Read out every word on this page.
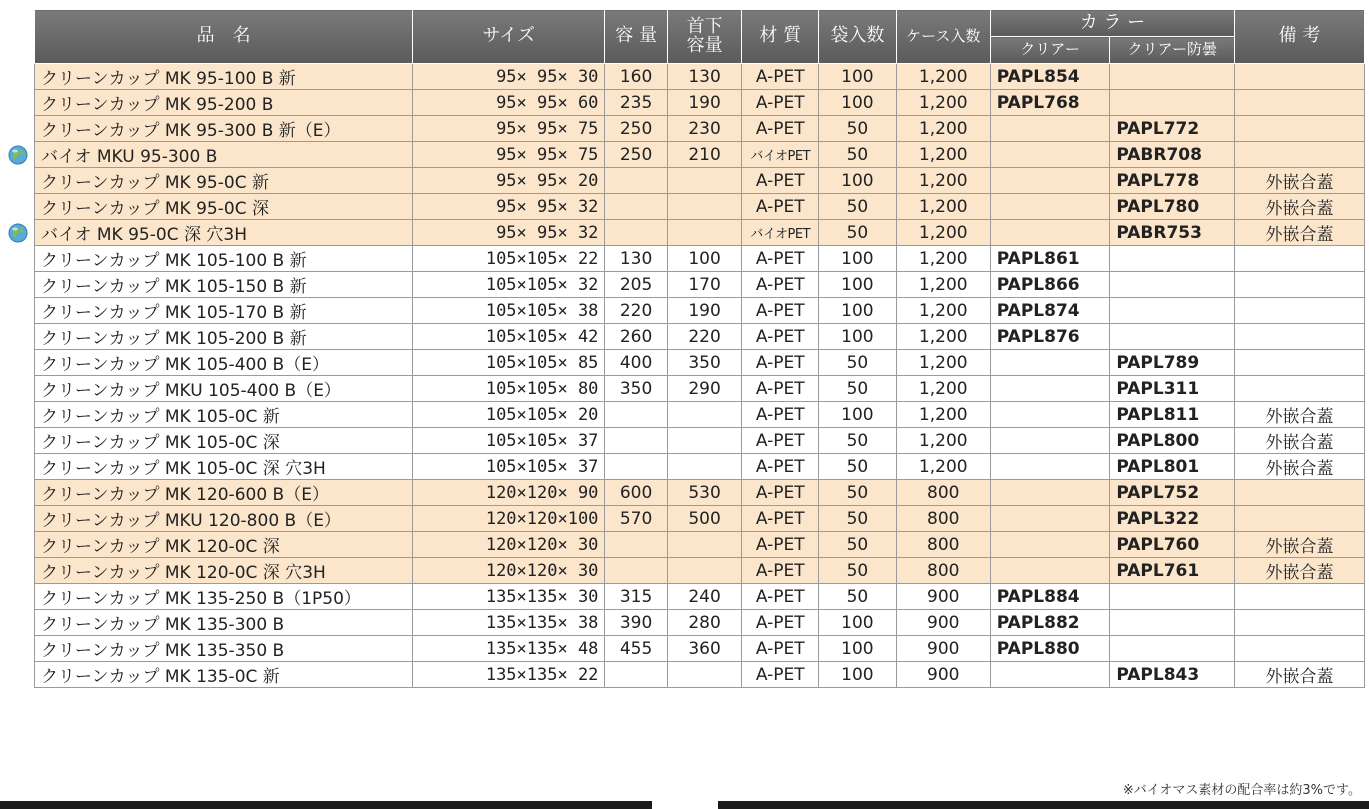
品　名	サイズ	容 量	首下容量	材 質	袋入数	ケース入数	カ ラ ー		備 考
							クリアー	クリアー防曇	
クリーンカップ MK 95-100 B 新	95× 95× 30	160	130	A-PET	100	1,200	PAPL854		
クリーンカップ MK 95-200 B	95× 95× 60	235	190	A-PET	100	1,200	PAPL768		
クリーンカップ MK 95-300 B 新（E）	95× 95× 75	250	230	A-PET	50	1,200		PAPL772	
バイオ MKU 95-300 B	95× 95× 75	250	210	バイオPET	50	1,200		PABR708	
クリーンカップ MK 95-0C 新	95× 95× 20			A-PET	100	1,200		PAPL778	外嵌合蓋
クリーンカップ MK 95-0C 深	95× 95× 32			A-PET	50	1,200		PAPL780	外嵌合蓋
バイオ MK 95-0C 深 穴3H	95× 95× 32			バイオPET	50	1,200		PABR753	外嵌合蓋
クリーンカップ MK 105-100 B 新	105×105× 22	130	100	A-PET	100	1,200	PAPL861		
クリーンカップ MK 105-150 B 新	105×105× 32	205	170	A-PET	100	1,200	PAPL866		
クリーンカップ MK 105-170 B 新	105×105× 38	220	190	A-PET	100	1,200	PAPL874		
クリーンカップ MK 105-200 B 新	105×105× 42	260	220	A-PET	100	1,200	PAPL876		
クリーンカップ MK 105-400 B（E）	105×105× 85	400	350	A-PET	50	1,200		PAPL789	
クリーンカップ MKU 105-400 B（E）	105×105× 80	350	290	A-PET	50	1,200		PAPL311	
クリーンカップ MK 105-0C 新	105×105× 20			A-PET	100	1,200		PAPL811	外嵌合蓋
クリーンカップ MK 105-0C 深	105×105× 37			A-PET	50	1,200		PAPL800	外嵌合蓋
クリーンカップ MK 105-0C 深 穴3H	105×105× 37			A-PET	50	1,200		PAPL801	外嵌合蓋
クリーンカップ MK 120-600 B（E）	120×120× 90	600	530	A-PET	50	800		PAPL752	
クリーンカップ MKU 120-800 B（E）	120×120×100	570	500	A-PET	50	800		PAPL322	
クリーンカップ MK 120-0C 深	120×120× 30			A-PET	50	800		PAPL760	外嵌合蓋
クリーンカップ MK 120-0C 深 穴3H	120×120× 30			A-PET	50	800		PAPL761	外嵌合蓋
クリーンカップ MK 135-250 B（1P50）	135×135× 30	315	240	A-PET	50	900	PAPL884		
クリーンカップ MK 135-300 B	135×135× 38	390	280	A-PET	100	900	PAPL882		
クリーンカップ MK 135-350 B	135×135× 48	455	360	A-PET	100	900	PAPL880		
クリーンカップ MK 135-0C 新	135×135× 22			A-PET	100	900		PAPL843	外嵌合蓋
※バイオマス素材の配合率は約3%です。
